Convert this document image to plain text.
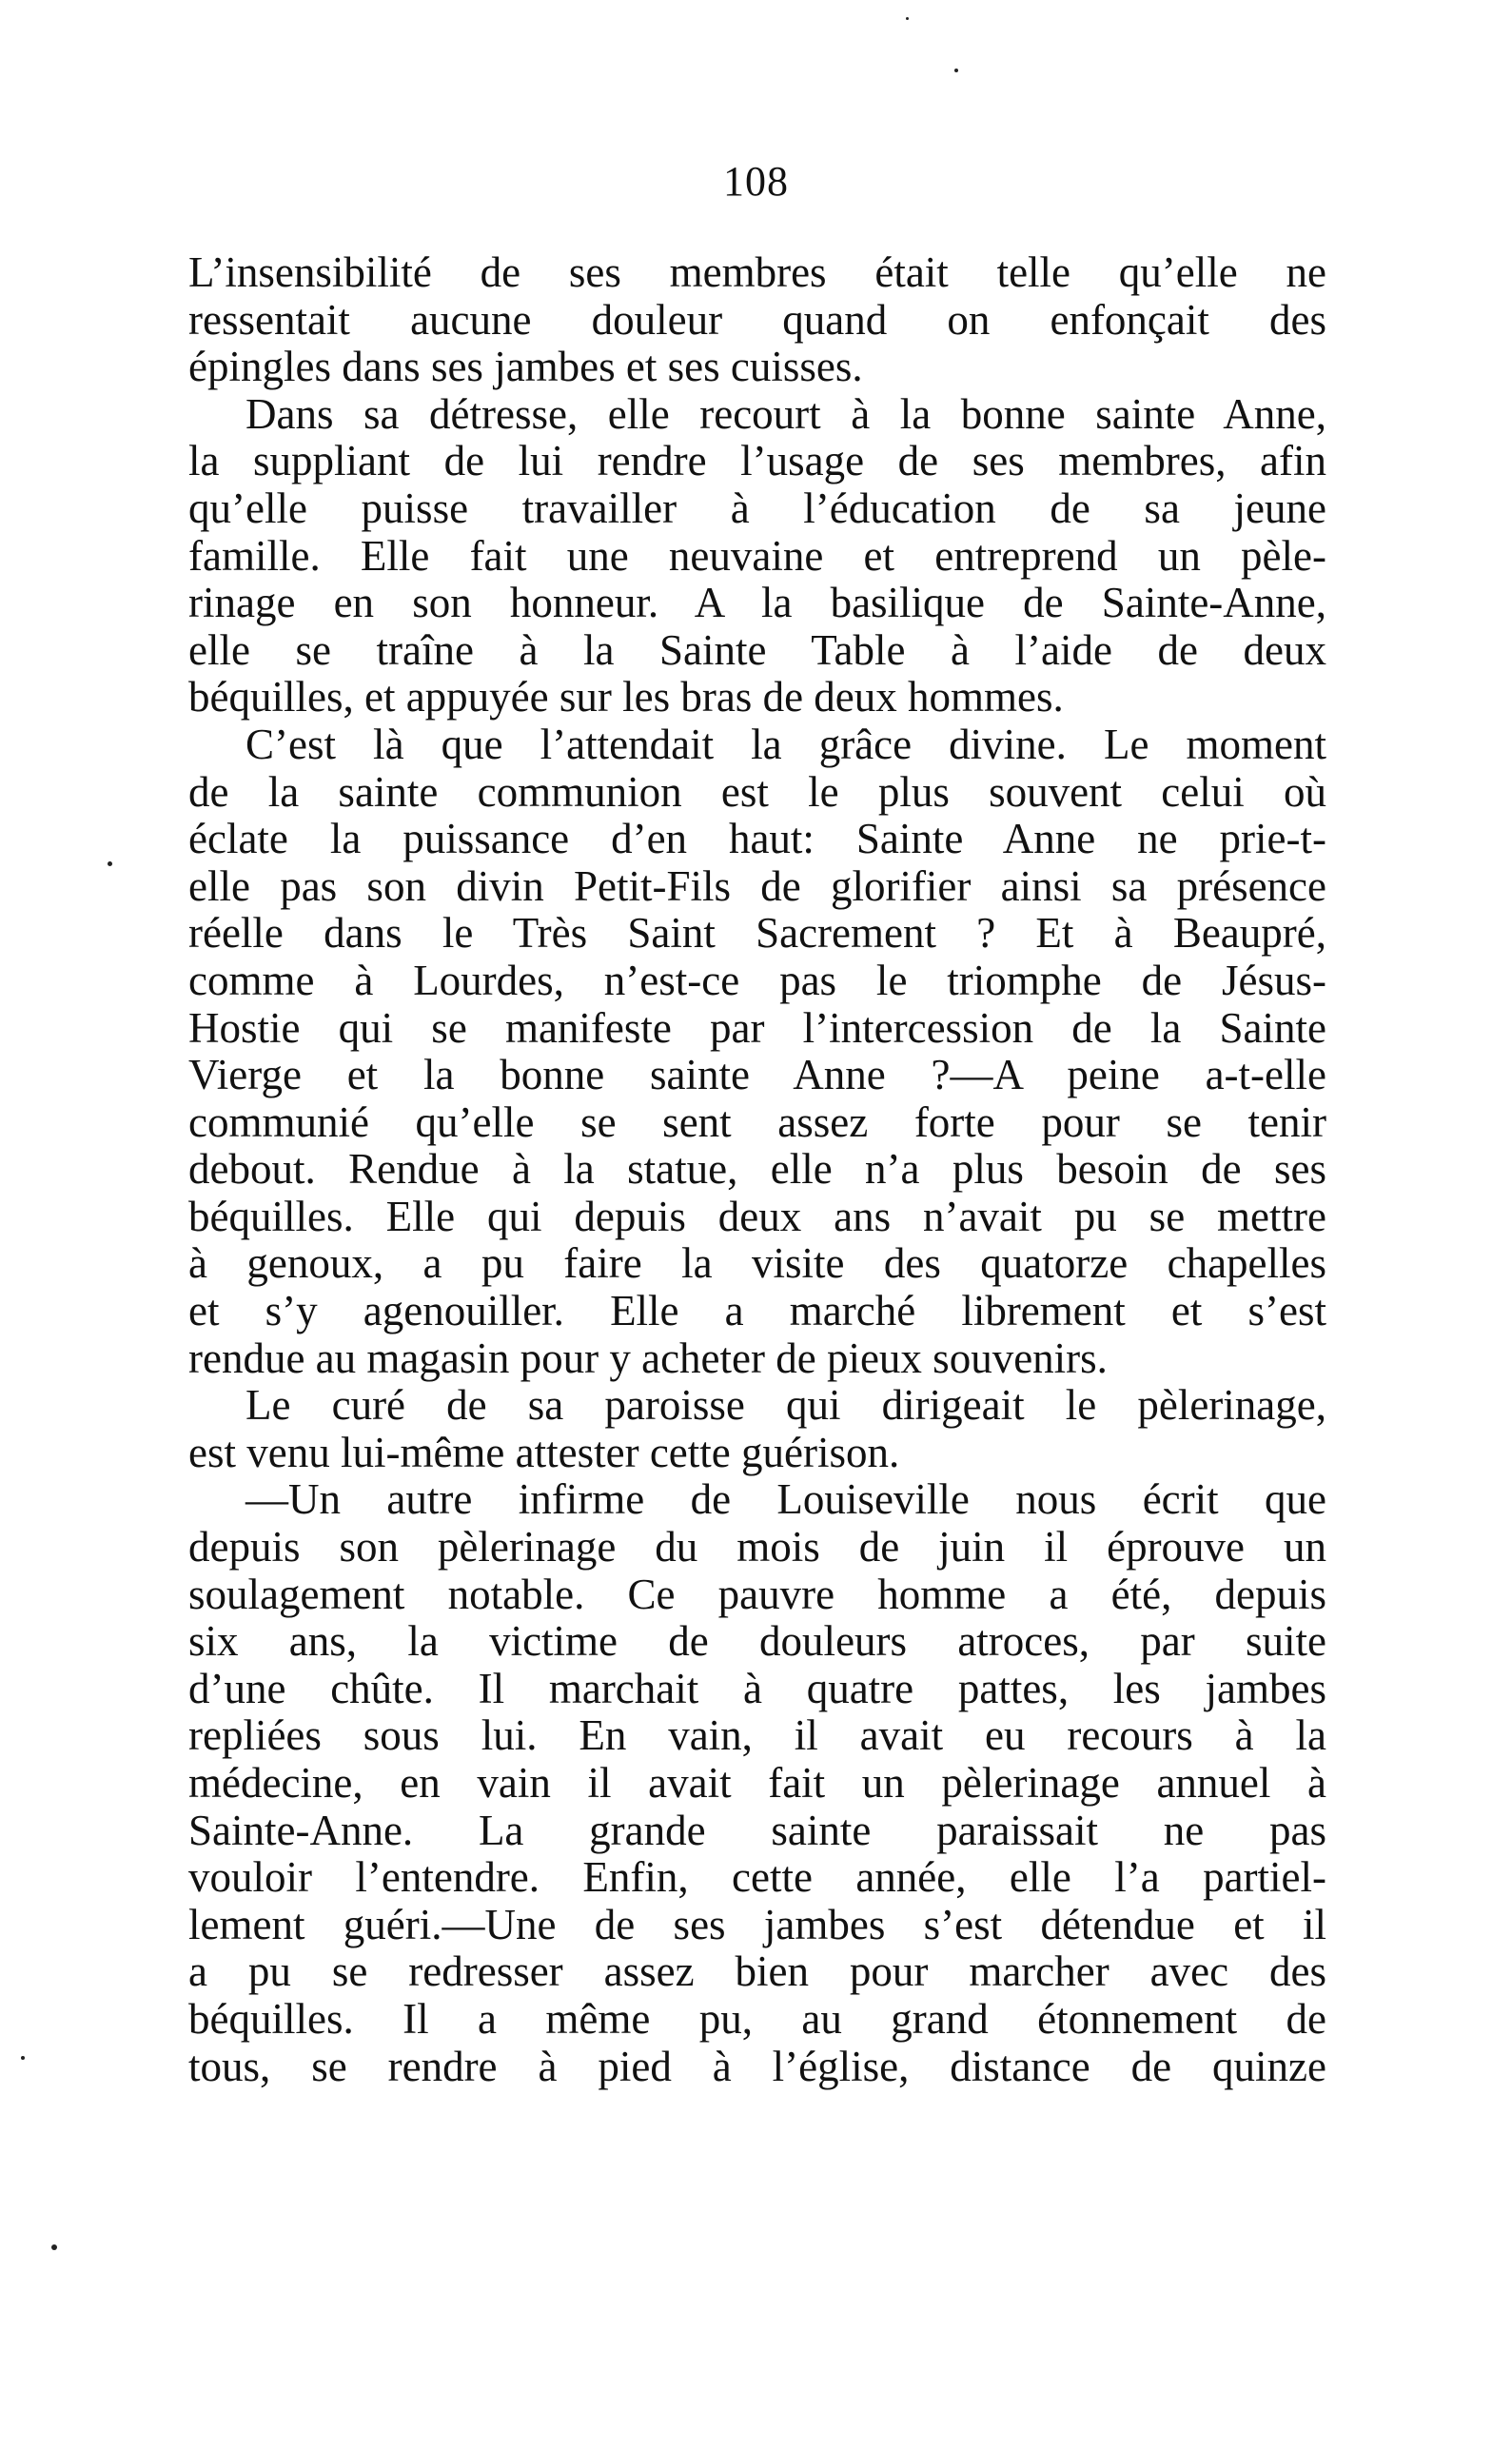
108
L’insensibilité de ses membres était telle qu’elle ne
ressentait aucune douleur quand on enfonçait des
épingles dans ses jambes et ses cuisses.
Dans sa détresse, elle recourt à la bonne sainte Anne,
la suppliant de lui rendre l’usage de ses membres, afin
qu’elle puisse travailler à l’éducation de sa jeune
famille. Elle fait une neuvaine et entreprend un pèle-
rinage en son honneur. A la basilique de Sainte-Anne,
elle se traîne à la Sainte Table à l’aide de deux
béquilles, et appuyée sur les bras de deux hommes.
C’est là que l’attendait la grâce divine. Le moment
de la sainte communion est le plus souvent celui où
éclate la puissance d’en haut: Sainte Anne ne prie-t-
elle pas son divin Petit-Fils de glorifier ainsi sa présence
réelle dans le Très Saint Sacrement ? Et à Beaupré,
comme à Lourdes, n’est-ce pas le triomphe de Jésus-
Hostie qui se manifeste par l’intercession de la Sainte
Vierge et la bonne sainte Anne ?—A peine a-t-elle
communié qu’elle se sent assez forte pour se tenir
debout. Rendue à la statue, elle n’a plus besoin de ses
béquilles. Elle qui depuis deux ans n’avait pu se mettre
à genoux, a pu faire la visite des quatorze chapelles
et s’y agenouiller. Elle a marché librement et s’est
rendue au magasin pour y acheter de pieux souvenirs.
Le curé de sa paroisse qui dirigeait le pèlerinage,
est venu lui-même attester cette guérison.
—Un autre infirme de Louiseville nous écrit que
depuis son pèlerinage du mois de juin il éprouve un
soulagement notable. Ce pauvre homme a été, depuis
six ans, la victime de douleurs atroces, par suite
d’une chûte. Il marchait à quatre pattes, les jambes
repliées sous lui. En vain, il avait eu recours à la
médecine, en vain il avait fait un pèlerinage annuel à
Sainte-Anne. La grande sainte paraissait ne pas
vouloir l’entendre. Enfin, cette année, elle l’a partiel-
lement guéri.—Une de ses jambes s’est détendue et il
a pu se redresser assez bien pour marcher avec des
béquilles. Il a même pu, au grand étonnement de
tous, se rendre à pied à l’église, distance de quinze
